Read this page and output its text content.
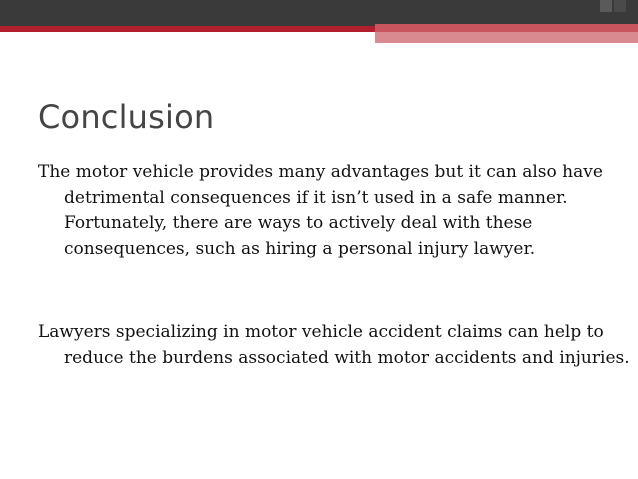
Conclusion

The motor vehicle provides many advantages but it can also have detrimental consequences if it isn’t used in a safe manner. Fortunately, there are ways to actively deal with these consequences, such as hiring a personal injury lawyer.

Lawyers specializing in motor vehicle accident claims can help to reduce the burdens associated with motor accidents and injuries.
